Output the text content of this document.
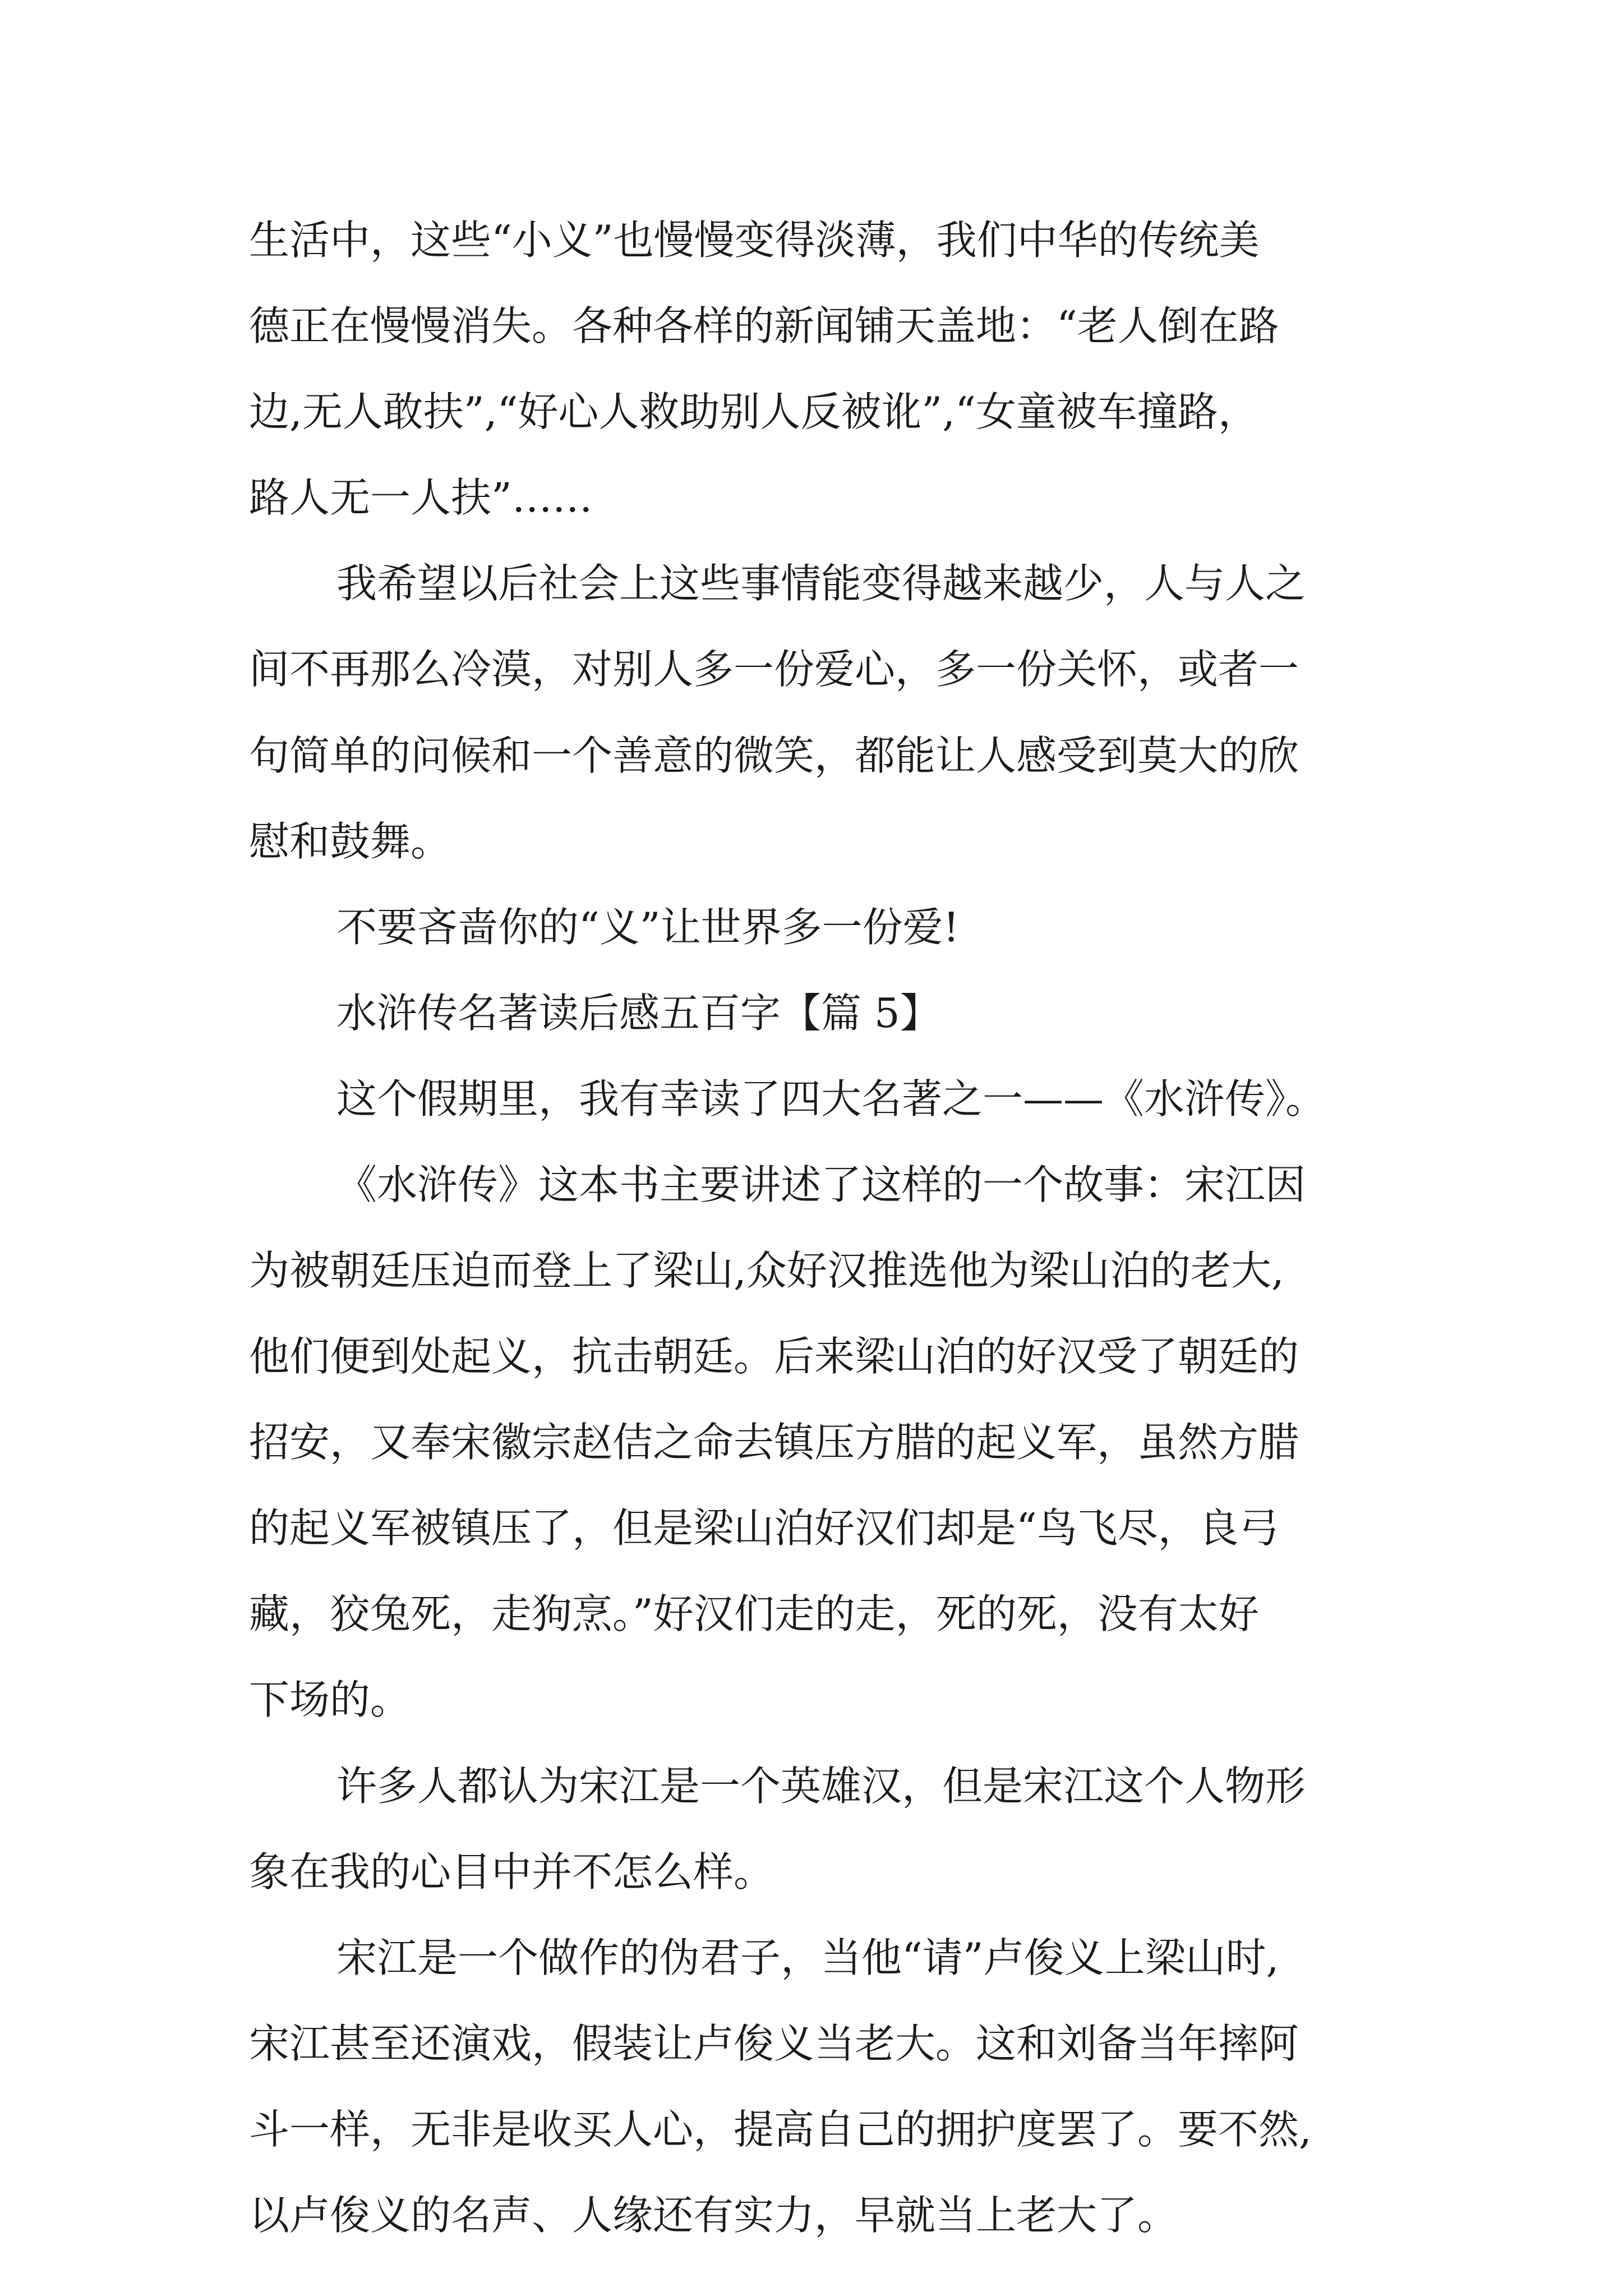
生活中，这些“小义”也慢慢变得淡薄，我们中华的传统美

德正在慢慢消失。各种各样的新闻铺天盖地：“老人倒在路

边,无人敢扶”,“好心人救助别人反被讹”,“女童被车撞路，

路人无一人扶”……

我希望以后社会上这些事情能变得越来越少，人与人之

间不再那么冷漠，对别人多一份爱心，多一份关怀，或者一

句简单的问候和一个善意的微笑，都能让人感受到莫大的欣

慰和鼓舞。

不要吝啬你的“义”让世界多一份爱!

水浒传名著读后感五百字【篇 5】

这个假期里，我有幸读了四大名著之一——《水浒传》。

《水浒传》这本书主要讲述了这样的一个故事：宋江因

为被朝廷压迫而登上了梁山,众好汉推选他为梁山泊的老大,

他们便到处起义，抗击朝廷。后来梁山泊的好汉受了朝廷的

招安，又奉宋徽宗赵佶之命去镇压方腊的起义军，虽然方腊

的起义军被镇压了，但是梁山泊好汉们却是“鸟飞尽，良弓

藏，狡兔死，走狗烹。”好汉们走的走，死的死，没有太好

下场的。

许多人都认为宋江是一个英雄汉，但是宋江这个人物形

象在我的心目中并不怎么样。

宋江是一个做作的伪君子，当他“请”卢俊义上梁山时,

宋江甚至还演戏，假装让卢俊义当老大。这和刘备当年摔阿

斗一样，无非是收买人心，提高自己的拥护度罢了。要不然,

以卢俊义的名声、人缘还有实力，早就当上老大了。
